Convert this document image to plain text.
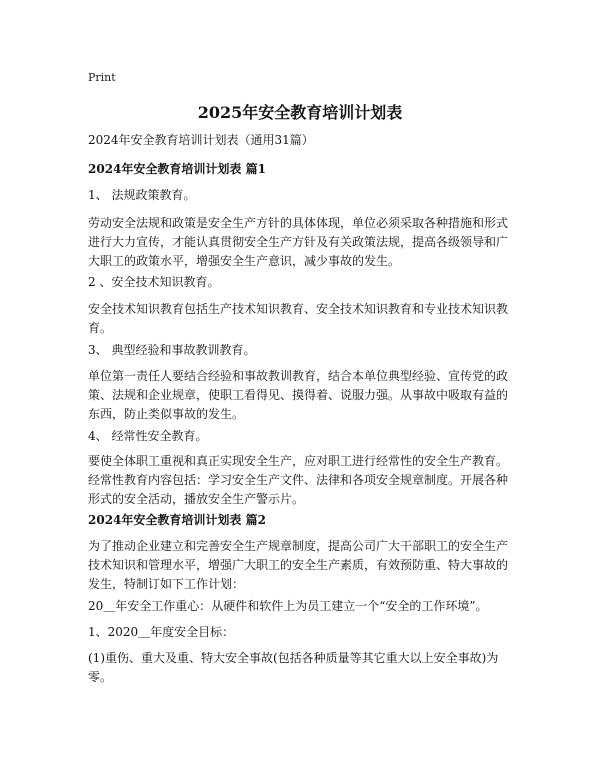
Print
2025年安全教育培训计划表
2024年安全教育培训计划表（通用31篇）
2024年安全教育培训计划表 篇1
1、 法规政策教育。
劳动安全法规和政策是安全生产方针的具体体现，单位必须采取各种措施和形式进行大力宣传，才能认真贯彻安全生产方针及有关政策法规，提高各级领导和广大职工的政策水平，增强安全生产意识，减少事故的发生。
2 、安全技术知识教育。
安全技术知识教育包括生产技术知识教育、安全技术知识教育和专业技术知识教育。
3、 典型经验和事故教训教育。
单位第一责任人要结合经验和事故教训教育，结合本单位典型经验、宣传党的政策、法规和企业规章，使职工看得见、摸得着、说服力强。从事故中吸取有益的东西，防止类似事故的发生。
4、 经常性安全教育。
要使全体职工重视和真正实现安全生产，应对职工进行经常性的安全生产教育。经常性教育内容包括：学习安全生产文件、法律和各项安全规章制度。开展各种形式的安全活动，播放安全生产警示片。
2024年安全教育培训计划表 篇2
为了推动企业建立和完善安全生产规章制度，提高公司广大干部职工的安全生产技术知识和管理水平，增强广大职工的安全生产素质，有效预防重、特大事故的发生，特制订如下工作计划：
20＿年安全工作重心：从硬件和软件上为员工建立一个“安全的工作环境”。
1、2020＿年度安全目标：
(1)重伤、重大及重、特大安全事故(包括各种质量等其它重大以上安全事故)为零。
